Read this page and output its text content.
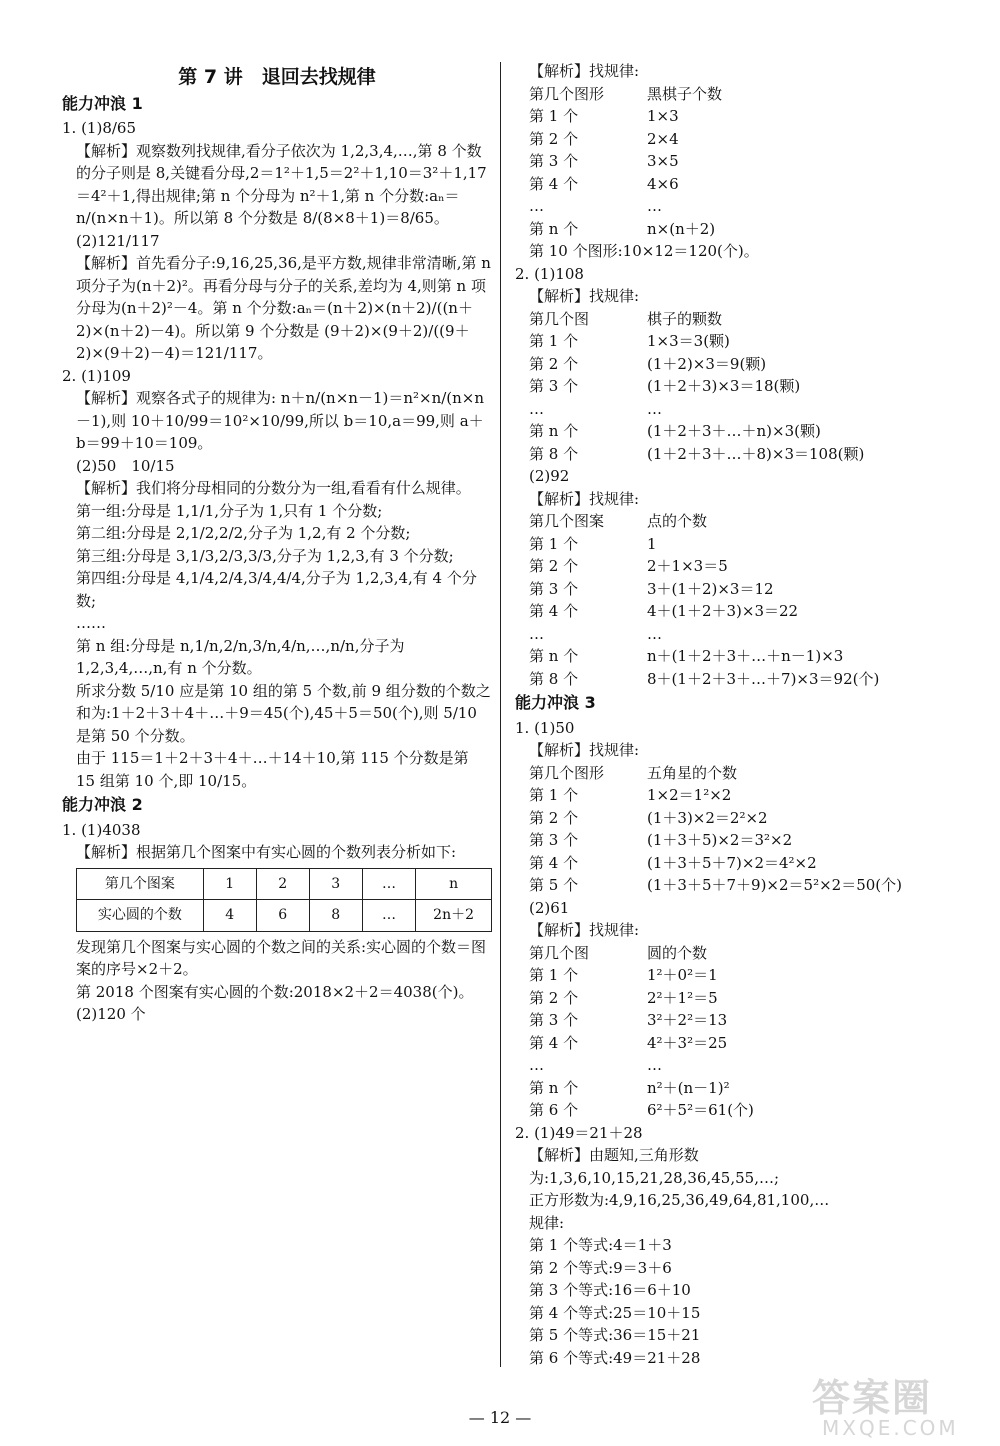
第 7 讲　退回去找规律
能力冲浪 1

1. (1)8/65

【解析】观察数列找规律,看分子依次为 1,2,3,4,…,第 8 个数的分子则是 8,关键看分母,2＝1²＋1,5＝2²＋1,10＝3²＋1,17＝4²＋1,得出规律;第 n 个分母为 n²＋1,第 n 个分数:aₙ＝n/(n×n＋1)。所以第 8 个分数是 8/(8×8＋1)＝8/65。

(2)121/117

【解析】首先看分子:9,16,25,36,是平方数,规律非常清晰,第 n 项分子为(n＋2)²。再看分母与分子的关系,差均为 4,则第 n 项分母为(n＋2)²－4。第 n 个分数:aₙ＝(n＋2)×(n＋2)/((n＋2)×(n＋2)－4)。所以第 9 个分数是 (9＋2)×(9＋2)/((9＋2)×(9＋2)－4)＝121/117。

2. (1)109

【解析】观察各式子的规律为: n＋n/(n×n－1)＝n²×n/(n×n－1),则 10＋10/99＝10²×10/99,所以 b＝10,a＝99,则 a＋b＝99＋10＝109。

(2)50　10/15

【解析】我们将分母相同的分数分为一组,看看有什么规律。

第一组:分母是 1,1/1,分子为 1,只有 1 个分数;

第二组:分母是 2,1/2,2/2,分子为 1,2,有 2 个分数;

第三组:分母是 3,1/3,2/3,3/3,分子为 1,2,3,有 3 个分数;

第四组:分母是 4,1/4,2/4,3/4,4/4,分子为 1,2,3,4,有 4 个分数;

……

第 n 组:分母是 n,1/n,2/n,3/n,4/n,…,n/n,分子为 1,2,3,4,…,n,有 n 个分数。

所求分数 5/10 应是第 10 组的第 5 个数,前 9 组分数的个数之和为:1＋2＋3＋4＋…＋9＝45(个),45＋5＝50(个),则 5/10 是第 50 个分数。

由于 115＝1＋2＋3＋4＋…＋14＋10,第 115 个分数是第 15 组第 10 个,即 10/15。

能力冲浪 2

1. (1)4038

【解析】根据第几个图案中有实心圆的个数列表分析如下:

第几个图案	1	2	3	…	n
实心圆的个数	4	6	8	…	2n＋2

发现第几个图案与实心圆的个数之间的关系:实心圆的个数＝图案的序号×2＋2。

第 2018 个图案有实心圆的个数:2018×2＋2＝4038(个)。

(2)120 个

【解析】找规律:

第几个图形	黑棋子个数
第 1 个	1×3
第 2 个	2×4
第 3 个	3×5
第 4 个	4×6
…	…
第 n 个	n×(n＋2)

第 10 个图形:10×12＝120(个)。

2. (1)108

【解析】找规律:

第几个图	棋子的颗数
第 1 个	1×3＝3(颗)
第 2 个	(1＋2)×3＝9(颗)
第 3 个	(1＋2＋3)×3＝18(颗)
…	…
第 n 个	(1＋2＋3＋…＋n)×3(颗)
第 8 个	(1＋2＋3＋…＋8)×3＝108(颗)

(2)92

【解析】找规律:

第几个图案	点的个数
第 1 个	1
第 2 个	2＋1×3＝5
第 3 个	3＋(1＋2)×3＝12
第 4 个	4＋(1＋2＋3)×3＝22
…	…
第 n 个	n＋(1＋2＋3＋…＋n－1)×3
第 8 个	8＋(1＋2＋3＋…＋7)×3＝92(个)
能力冲浪 3

1. (1)50

【解析】找规律:

第几个图形	五角星的个数
第 1 个	1×2＝1²×2
第 2 个	(1＋3)×2＝2²×2
第 3 个	(1＋3＋5)×2＝3²×2
第 4 个	(1＋3＋5＋7)×2＝4²×2
第 5 个	(1＋3＋5＋7＋9)×2＝5²×2＝50(个)

(2)61

【解析】找规律:

第几个图	圆的个数
第 1 个	1²＋0²＝1
第 2 个	2²＋1²＝5
第 3 个	3²＋2²＝13
第 4 个	4²＋3²＝25
…	…
第 n 个	n²＋(n－1)²
第 6 个	6²＋5²＝61(个)

2. (1)49＝21＋28

【解析】由题知,三角形数为:1,3,6,10,15,21,28,36,45,55,…;

正方形数为:4,9,16,25,36,49,64,81,100,…

规律:

第 1 个等式:4＝1＋3

第 2 个等式:9＝3＋6

第 3 个等式:16＝6＋10

第 4 个等式:25＝10＋15

第 5 个等式:36＝15＋21

第 6 个等式:49＝21＋28

— 12 —	答案圈
MXQE.COM
